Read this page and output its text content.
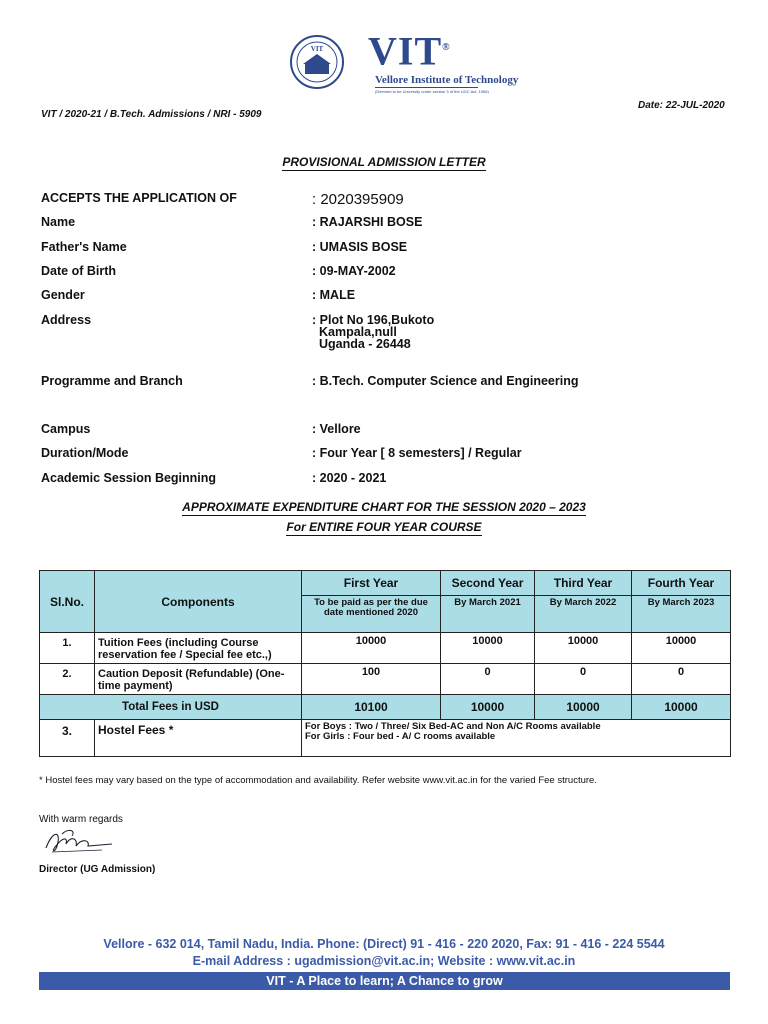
VIT VIT®
Vellore Institute of Technology
(Deemed to be University under section 3 of the UGC Act, 1956)
Date: 22-JUL-2020
VIT / 2020-21 / B.Tech. Admissions / NRI - 5909
PROVISIONAL ADMISSION LETTER
ACCEPTS THE APPLICATION OF	: 2020395909
Name	: RAJARSHI BOSE
Father's Name	: UMASIS BOSE
Date of Birth	: 09-MAY-2002
Gender	: MALE
Address	: Plot No 196,Bukoto
Kampala,null
Uganda - 26448
Programme and Branch	: B.Tech. Computer Science and Engineering
Campus	: Vellore
Duration/Mode	: Four Year [ 8 semesters] / Regular
Academic Session Beginning	: 2020 - 2021
APPROXIMATE EXPENDITURE CHART FOR THE SESSION 2020 – 2023
For ENTIRE FOUR YEAR COURSE
Sl.No.	Components	First Year	Second Year	Third Year	Fourth Year
		To be paid as per the due date mentioned 2020	By March 2021	By March 2022	By March 2023
1.	Tuition Fees (including Course reservation fee / Special fee etc.,)	10000	10000	10000	10000
2.	Caution Deposit (Refundable) (One-time payment)	100	0	0	0
Total Fees in USD		10100	10000	10000	10000
3.	Hostel Fees *	For Boys : Two / Three/ Six Bed-AC and Non A/C Rooms available
For Girls : Four bed - A/ C rooms available			
* Hostel fees may vary based on the type of accommodation and availability. Refer website www.vit.ac.in for the varied Fee structure.
With warm regards
Director (UG Admission)
Vellore - 632 014, Tamil Nadu, India. Phone: (Direct) 91 - 416 - 220 2020, Fax: 91 - 416 - 224 5544
E-mail Address : ugadmission@vit.ac.in; Website : www.vit.ac.in
VIT - A Place to learn; A Chance to grow
